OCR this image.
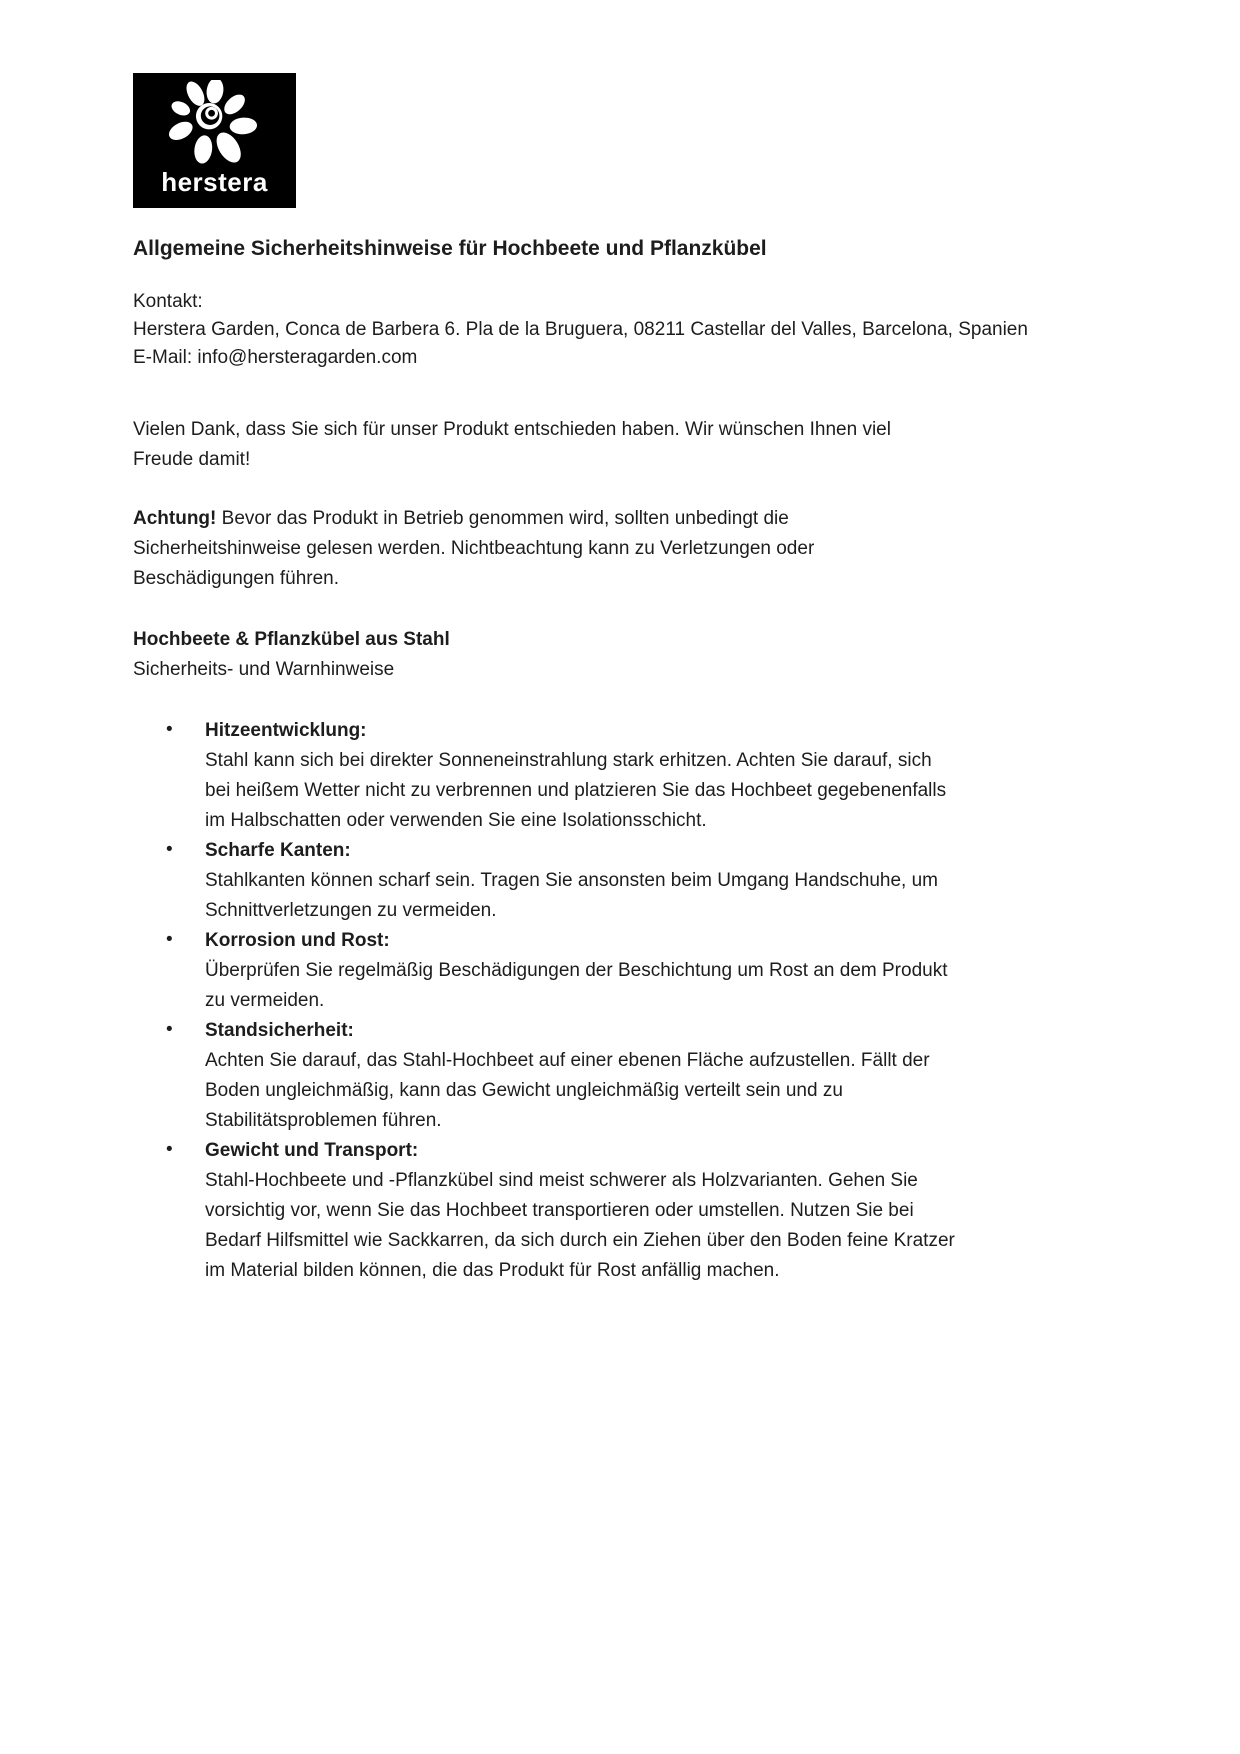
herstera
Allgemeine Sicherheitshinweise für Hochbeete und Pflanzkübel
Kontakt:
Herstera Garden, Conca de Barbera 6. Pla de la Bruguera, 08211 Castellar del Valles, Barcelona, Spanien
E-Mail: info@hersteragarden.com
Vielen Dank, dass Sie sich für unser Produkt entschieden haben. Wir wünschen Ihnen viel
Freude damit!
Achtung! Bevor das Produkt in Betrieb genommen wird, sollten unbedingt die
Sicherheitshinweise gelesen werden. Nichtbeachtung kann zu Verletzungen oder
Beschädigungen führen.
Hochbeete & Pflanzkübel aus Stahl
Sicherheits- und Warnhinweise
• Hitzeentwicklung:
Stahl kann sich bei direkter Sonneneinstrahlung stark erhitzen. Achten Sie darauf, sich
bei heißem Wetter nicht zu verbrennen und platzieren Sie das Hochbeet gegebenenfalls
im Halbschatten oder verwenden Sie eine Isolationsschicht.
• Scharfe Kanten:
Stahlkanten können scharf sein. Tragen Sie ansonsten beim Umgang Handschuhe, um
Schnittverletzungen zu vermeiden.
• Korrosion und Rost:
Überprüfen Sie regelmäßig Beschädigungen der Beschichtung um Rost an dem Produkt
zu vermeiden.
• Standsicherheit:
Achten Sie darauf, das Stahl-Hochbeet auf einer ebenen Fläche aufzustellen. Fällt der
Boden ungleichmäßig, kann das Gewicht ungleichmäßig verteilt sein und zu
Stabilitätsproblemen führen.
• Gewicht und Transport:
Stahl-Hochbeete und -Pflanzkübel sind meist schwerer als Holzvarianten. Gehen Sie
vorsichtig vor, wenn Sie das Hochbeet transportieren oder umstellen. Nutzen Sie bei
Bedarf Hilfsmittel wie Sackkarren, da sich durch ein Ziehen über den Boden feine Kratzer
im Material bilden können, die das Produkt für Rost anfällig machen.
